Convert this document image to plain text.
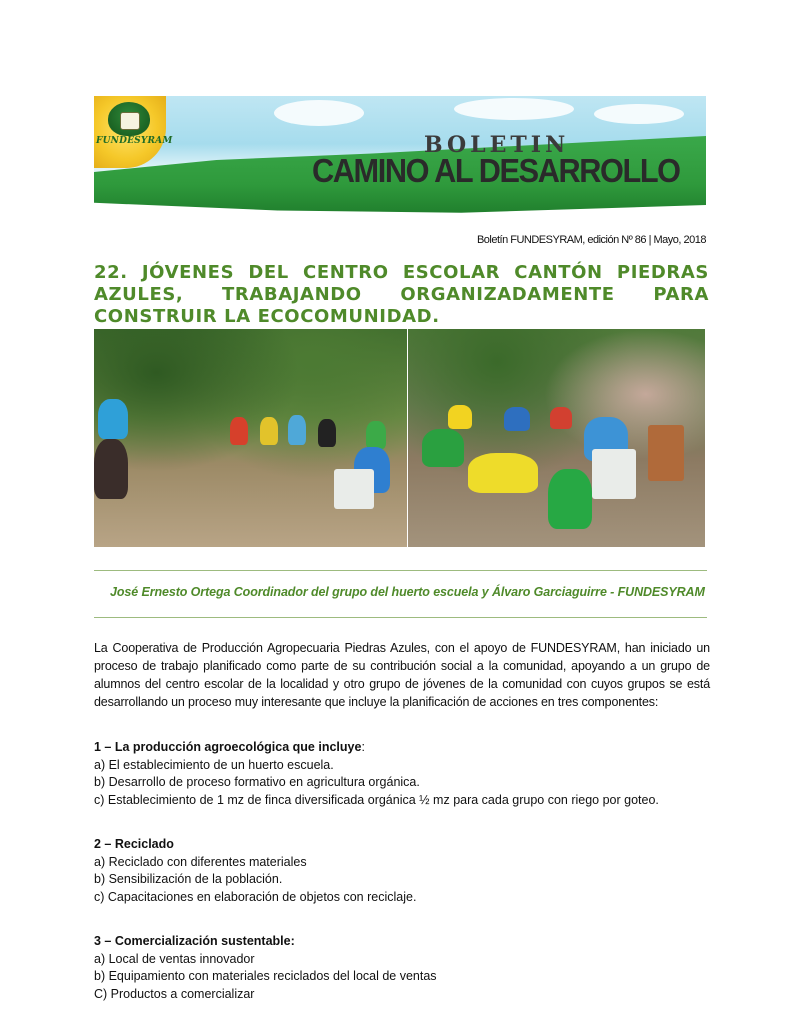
FUNDESYRAM	BOLETIN
CAMINO AL DESARROLLO
Boletín FUNDESYRAM, edición Nº 86 | Mayo, 2018
22. JÓVENES DEL CENTRO ESCOLAR CANTÓN PIEDRAS AZULES, TRABAJANDO ORGANIZADAMENTE PARA CONSTRUIR LA ECOCOMUNIDAD.
José Ernesto Ortega Coordinador del grupo del huerto escuela y Álvaro Garciaguirre - FUNDESYRAM

La Cooperativa de Producción Agropecuaria Piedras Azules, con el apoyo de FUNDESYRAM, han iniciado un proceso de trabajo planificado como parte de su contribución social a la comunidad, apoyando a un grupo de alumnos del centro escolar de la localidad y otro grupo de jóvenes de la comunidad con cuyos grupos se está desarrollando un proceso muy interesante que incluye la planificación de acciones en tres componentes:

1 – La producción agroecológica que incluye:
a) El establecimiento de un huerto escuela.
b) Desarrollo de proceso formativo en agricultura orgánica.
c) Establecimiento de 1 mz de finca diversificada orgánica ½ mz para cada grupo con riego por goteo.
2 – Reciclado
a) Reciclado con diferentes materiales
b) Sensibilización de la población.
c) Capacitaciones en elaboración de objetos con reciclaje.
3 – Comercialización sustentable:
a) Local de ventas innovador
b) Equipamiento con materiales reciclados del local de ventas
C) Productos a comercializar
